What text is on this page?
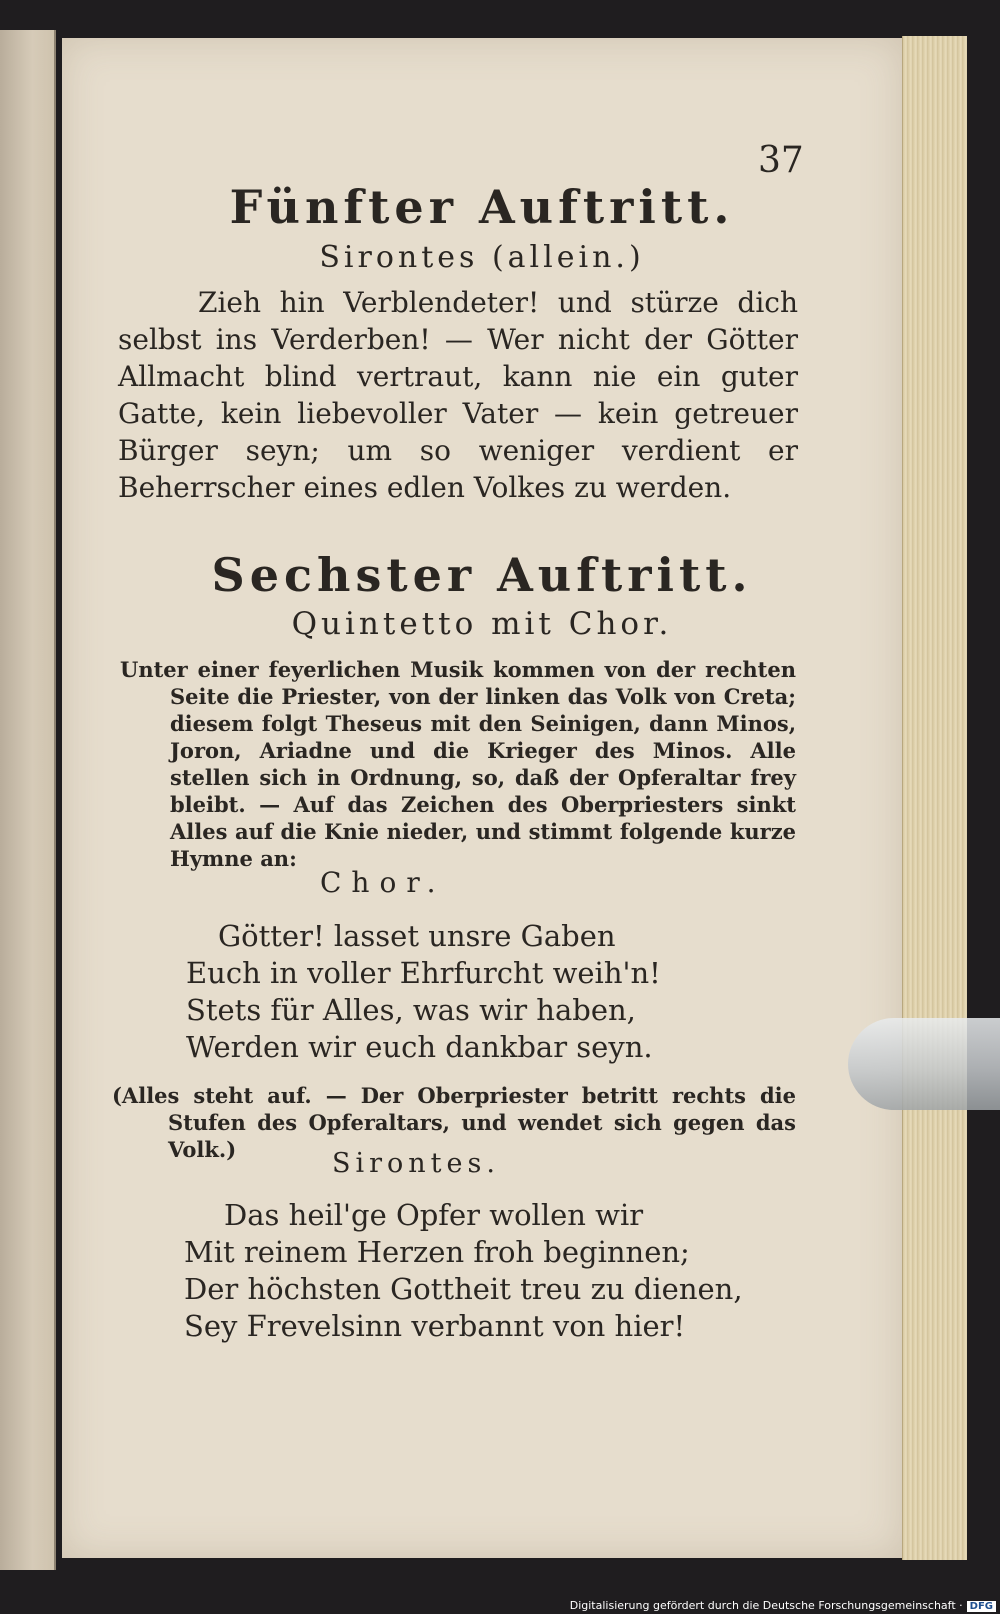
37
Fünfter Auftritt.
Sirontes (allein.)
Zieh hin Verblendeter! und stürze dich selbst ins Verderben! — Wer nicht der Götter Allmacht blind vertraut, kann nie ein guter Gatte, kein liebevoller Vater — kein getreuer Bürger seyn; um so weniger verdient er Beherrscher eines edlen Volkes zu werden.
Sechster Auftritt.
Quintetto mit Chor.
Unter einer feyerlichen Musik kommen von der rechten Seite die Priester, von der linken das Volk von Creta; diesem folgt Theseus mit den Seinigen, dann Minos, Joron, Ariadne und die Krieger des Minos. Alle stellen sich in Ordnung, so, daß der Opferaltar frey bleibt. — Auf das Zeichen des Oberpriesters sinkt Alles auf die Knie nieder, und stimmt folgende kurze Hymne an:
Chor.
Götter! lasset unsre Gaben
Euch in voller Ehrfurcht weih'n!
Stets für Alles, was wir haben,
Werden wir euch dankbar seyn.
(Alles steht auf. — Der Oberpriester betritt rechts die Stufen des Opferaltars, und wendet sich gegen das Volk.)	Sirontes.
Das heil'ge Opfer wollen wir
Mit reinem Herzen froh beginnen;
Der höchsten Gottheit treu zu dienen,
Sey Frevelsinn verbannt von hier!
Digitalisierung gefördert durch die Deutsche Forschungsgemeinschaft · DFG
